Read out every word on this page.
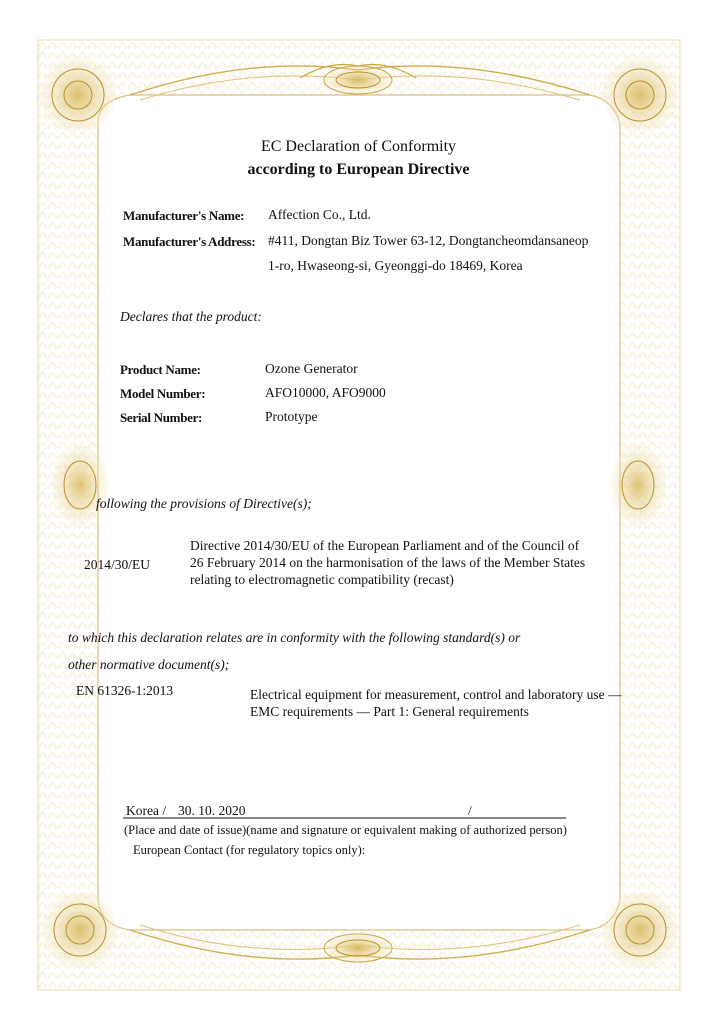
EC Declaration of Conformity
according to European Directive
Manufacturer's Name: Affection Co., Ltd.
Manufacturer's Address: #411, Dongtan Biz Tower 63-12, Dongtancheomdansaneop
1-ro, Hwaseong-si, Gyeonggi-do 18469, Korea
Declares that the product:
Product Name:	Ozone Generator
Model Number:	AFO10000, AFO9000
Serial Number:	Prototype
following the provisions of Directive(s);
2014/30/EU
Directive 2014/30/EU of the European Parliament and of the Council of
26 February 2014 on the harmonisation of the laws of the Member States
relating to electromagnetic compatibility (recast)
to which this declaration relates are in conformity with the following standard(s) or
other normative document(s);
EN 61326-1:2013	Electrical equipment for measurement, control and laboratory use —
EMC requirements — Part 1: General requirements
Korea / 30. 10. 2020	/
(Place and date of issue)(name and signature or equivalent making of authorized person)
European Contact (for regulatory topics only):
